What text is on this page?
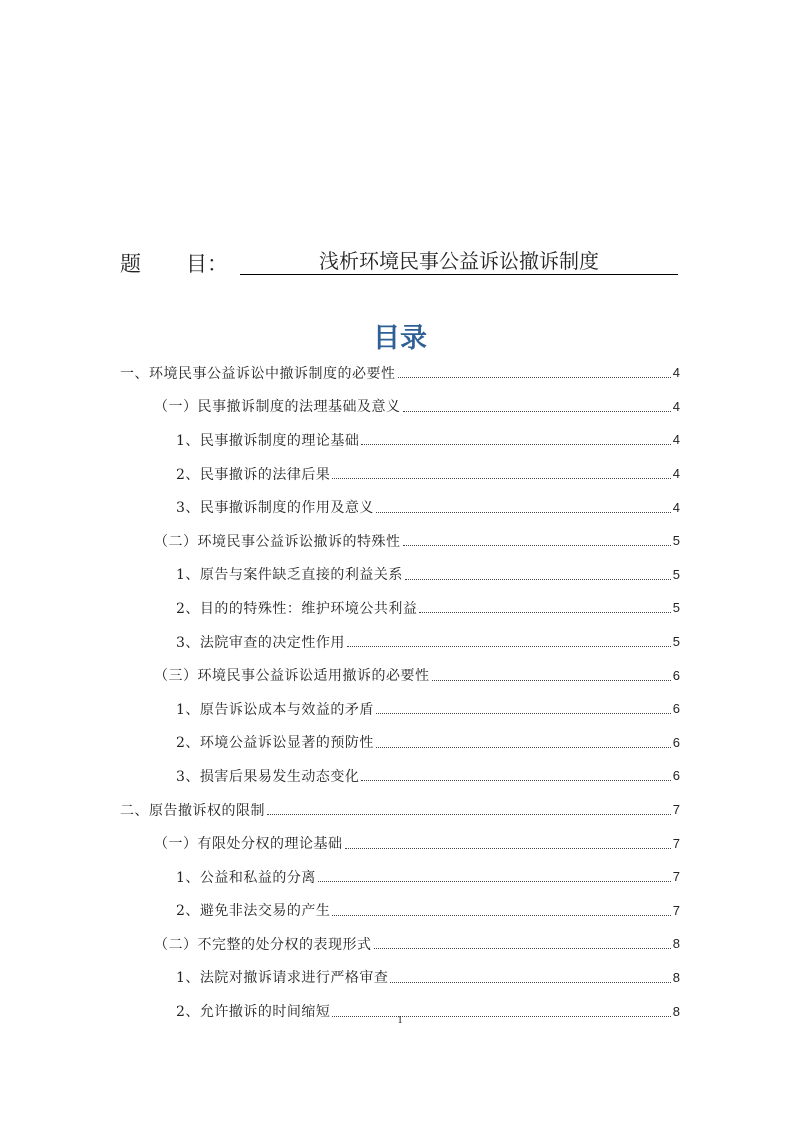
题 目：	浅析环境民事公益诉讼撤诉制度
目录
一、环境民事公益诉讼中撤诉制度的必要性	4
（一）民事撤诉制度的法理基础及意义	4
1、民事撤诉制度的理论基础	4
2、民事撤诉的法律后果	4
3、民事撤诉制度的作用及意义	4
（二）环境民事公益诉讼撤诉的特殊性	5
1、原告与案件缺乏直接的利益关系	5
2、目的的特殊性：维护环境公共利益	5
3、法院审查的决定性作用	5
（三）环境民事公益诉讼适用撤诉的必要性	6
1、原告诉讼成本与效益的矛盾	6
2、环境公益诉讼显著的预防性	6
3、损害后果易发生动态变化	6
二、原告撤诉权的限制	7
（一）有限处分权的理论基础	7
1、公益和私益的分离	7
2、避免非法交易的产生	7
（二）不完整的处分权的表现形式	8
1、法院对撤诉请求进行严格审查	8
2、允许撤诉的时间缩短	8
1
